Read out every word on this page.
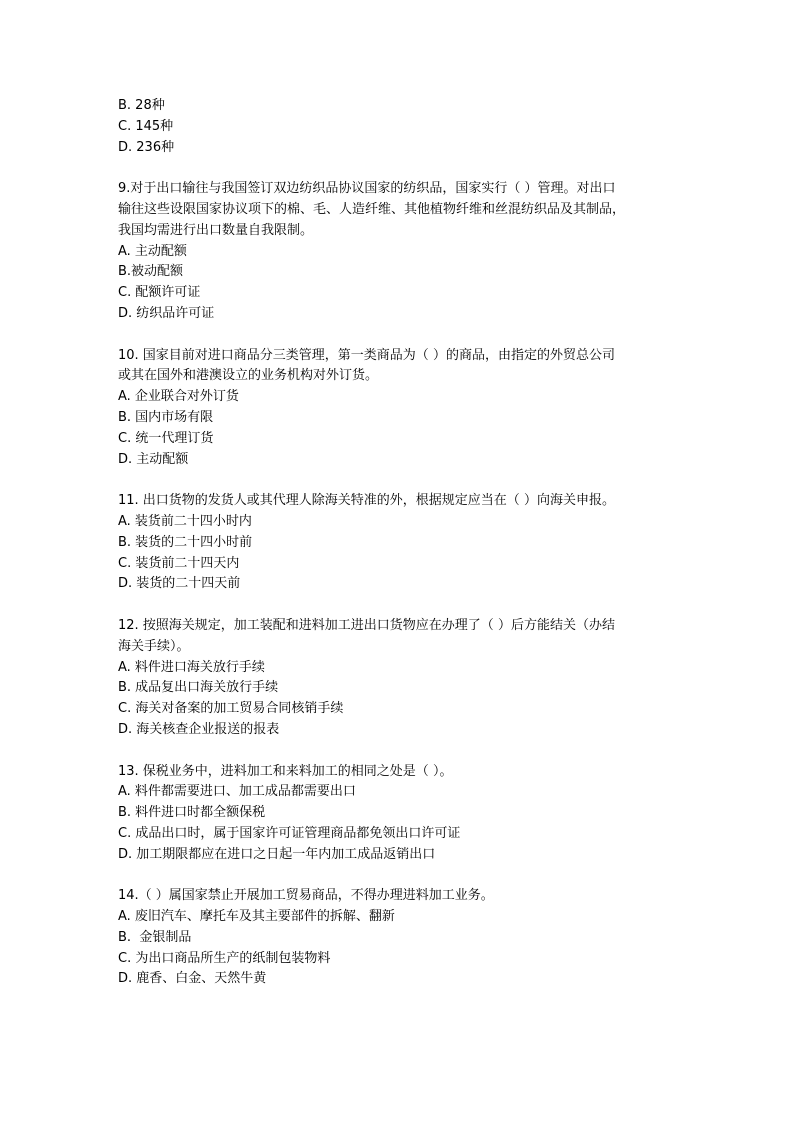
B. 28种
C. 145种
D. 236种
9.对于出口输往与我国签订双边纺织品协议国家的纺织品，国家实行（ ）管理。对出口
输往这些设限国家协议项下的棉、毛、人造纤维、其他植物纤维和丝混纺织品及其制品，
我国均需进行出口数量自我限制。
A. 主动配额
B.被动配额
C. 配额许可证
D. 纺织品许可证
10. 国家目前对进口商品分三类管理，第一类商品为（ ）的商品，由指定的外贸总公司
或其在国外和港澳设立的业务机构对外订货。
A. 企业联合对外订货
B. 国内市场有限
C. 统一代理订货
D. 主动配额
11. 出口货物的发货人或其代理人除海关特准的外，根据规定应当在（ ）向海关申报。
A. 装货前二十四小时内
B. 装货的二十四小时前
C. 装货前二十四天内
D. 装货的二十四天前
12. 按照海关规定，加工装配和进料加工进出口货物应在办理了（ ）后方能结关（办结
海关手续）。
A. 料件进口海关放行手续
B. 成品复出口海关放行手续
C. 海关对备案的加工贸易合同核销手续
D. 海关核查企业报送的报表
13. 保税业务中，进料加工和来料加工的相同之处是（ ）。
A. 料件都需要进口、加工成品都需要出口
B. 料件进口时都全额保税
C. 成品出口时，属于国家许可证管理商品都免领出口许可证
D. 加工期限都应在进口之日起一年内加工成品返销出口
14.（ ）属国家禁止开展加工贸易商品，不得办理进料加工业务。
A. 废旧汽车、摩托车及其主要部件的拆解、翻新
B.  金银制品
C. 为出口商品所生产的纸制包装物料
D. 鹿香、白金、天然牛黄
